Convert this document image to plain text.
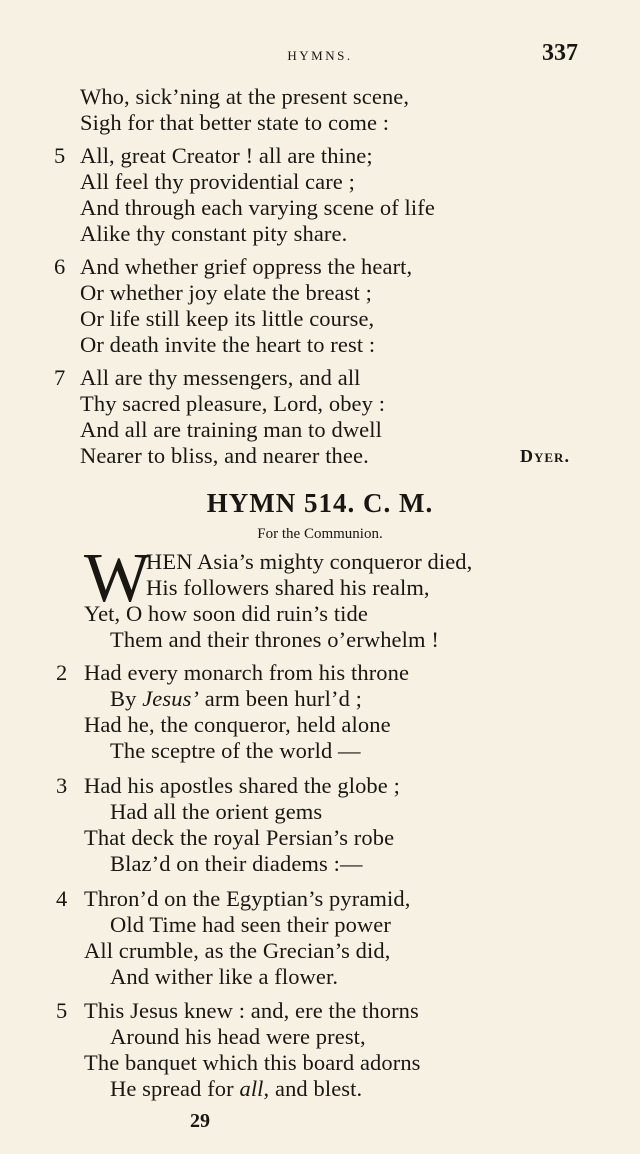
HYMNS.	337
Who, sick’ning at the present scene,
Sigh for that better state to come :
5 All, great Creator ! all are thine;
All feel thy providential care ;
And through each varying scene of life
Alike thy constant pity share.
6 And whether grief oppress the heart,
Or whether joy elate the breast ;
Or life still keep its little course,
Or death invite the heart to rest :
7 All are thy messengers, and all
Thy sacred pleasure, Lord, obey :
And all are training man to dwell
Nearer to bliss, and nearer thee.	Dyer.
HYMN 514. C. M.
For the Communion.
W
HEN Asia’s mighty conqueror died,
His followers shared his realm,
Yet, O how soon did ruin’s tide
Them and their thrones o’erwhelm !
2 Had every monarch from his throne
By Jesus’ arm been hurl’d ;
Had he, the conqueror, held alone
The sceptre of the world —
3 Had his apostles shared the globe ;
Had all the orient gems
That deck the royal Persian’s robe
Blaz’d on their diadems :—
4 Thron’d on the Egyptian’s pyramid,
Old Time had seen their power
All crumble, as the Grecian’s did,
And wither like a flower.
5 This Jesus knew : and, ere the thorns
Around his head were prest,
The banquet which this board adorns
He spread for all, and blest.
29
